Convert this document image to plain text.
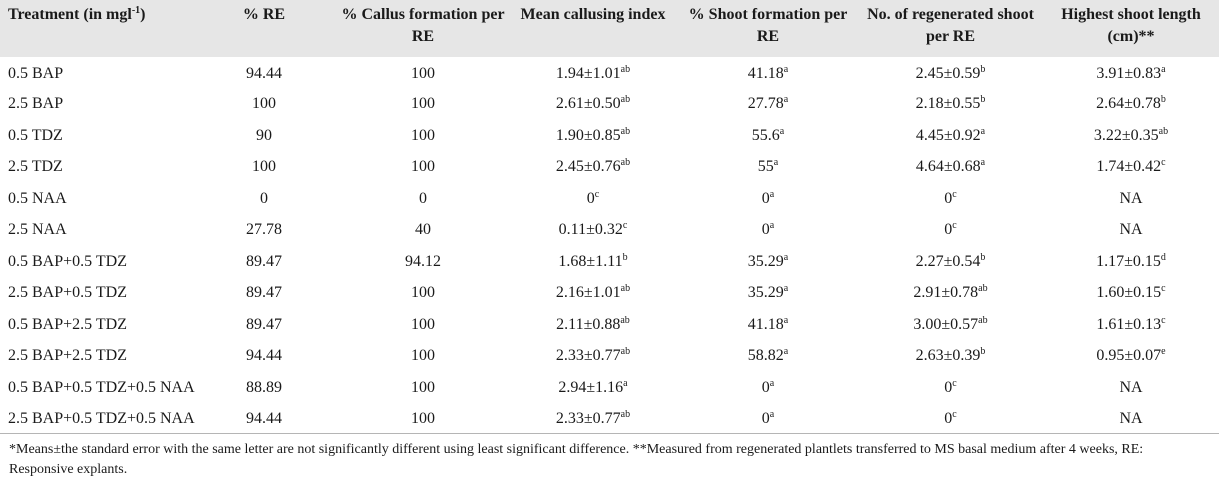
Treatment (in mgl$^{-1}$)	% RE	% Callus formation per RE	Mean callusing index	% Shoot formation per RE	No. of regenerated shoot per RE	Highest shoot length (cm)**
0.5 BAP	94.44	100	1.94±1.01$^{ab}$	41.18$^a$	2.45±0.59$^b$	3.91±0.83$^a$
2.5 BAP	100	100	2.61±0.50$^{ab}$	27.78$^a$	2.18±0.55$^b$	2.64±0.78$^b$
0.5 TDZ	90	100	1.90±0.85$^{ab}$	55.6$^a$	4.45±0.92$^a$	3.22±0.35$^{ab}$
2.5 TDZ	100	100	2.45±0.76$^{ab}$	55$^a$	4.64±0.68$^a$	1.74±0.42$^c$
0.5 NAA	0	0	0$^c$	0$^a$	0$^c$	NA
2.5 NAA	27.78	40	0.11±0.32$^c$	0$^a$	0$^c$	NA
0.5 BAP+0.5 TDZ	89.47	94.12	1.68±1.11$^b$	35.29$^a$	2.27±0.54$^b$	1.17±0.15$^d$
2.5 BAP+0.5 TDZ	89.47	100	2.16±1.01$^{ab}$	35.29$^a$	2.91±0.78$^{ab}$	1.60±0.15$^c$
0.5 BAP+2.5 TDZ	89.47	100	2.11±0.88$^{ab}$	41.18$^a$	3.00±0.57$^{ab}$	1.61±0.13$^c$
2.5 BAP+2.5 TDZ	94.44	100	2.33±0.77$^{ab}$	58.82$^a$	2.63±0.39$^b$	0.95±0.07$^e$
0.5 BAP+0.5 TDZ+0.5 NAA	88.89	100	2.94±1.16$^a$	0$^a$	0$^c$	NA
2.5 BAP+0.5 TDZ+0.5 NAA	94.44	100	2.33±0.77$^{ab}$	0$^a$	0$^c$	NA
*Means±the standard error with the same letter are not significantly different using least significant difference. **Measured from regenerated plantlets transferred to MS basal medium after 4 weeks, RE: Responsive explants.
